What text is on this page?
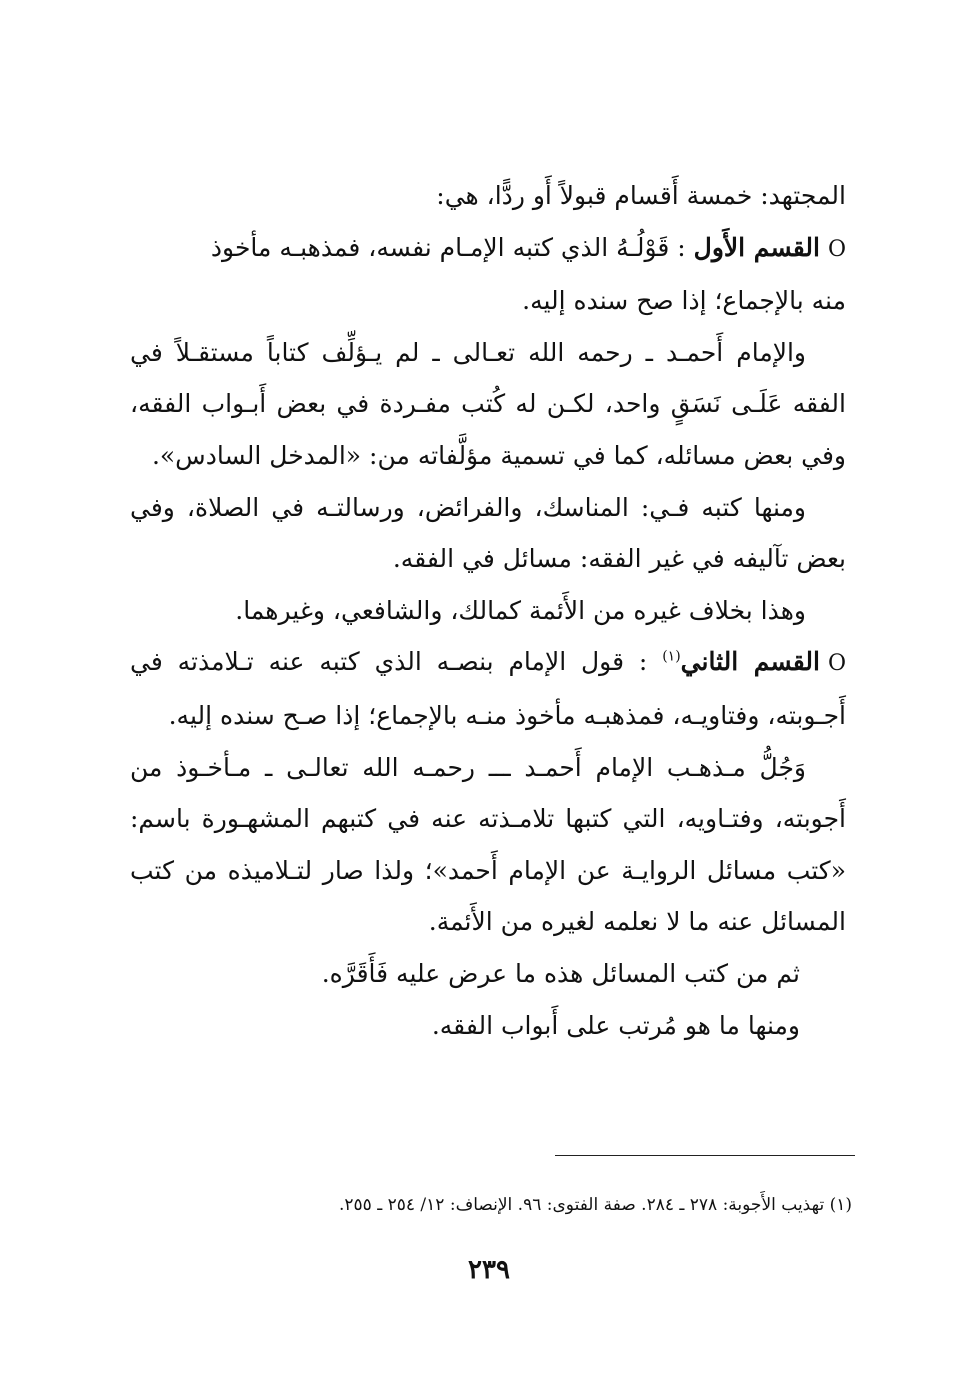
المجتهد: خمسة أَقسام قبولاً أَو ردًّا، هي:

Oالقسم الأَول : قَوْلُـهُ الذي كتبه الإمـام نفسه، فمذهبـه مأخوذ

منه بالإجماع؛ إذا صح سنده إليه.

والإمام أَحمـد ـ رحمه الله تعـالى ـ لم يـؤلِّف كتاباً مستقـلاً في الفقه عَلَـى نَسَقٍ واحد، لكـن له كُتب مفـردة في بعض أَبـواب الفقه، وفي بعض مسائله، كما في تسمية مؤلَّفاته من: «المدخل السادس».

ومنها كتبه فـي: المناسك، والفرائض، ورسالتـه في الصلاة، وفي بعض تآليفه في غير الفقه: مسائل في الفقه.

وهذا بخلاف غيره من الأَئمة كمالك، والشافعي، وغيرهما.

Oالقسم الثاني$^{(١)}$ : قول الإمام بنصـه الذي كتبه عنه تـلامذته في أَجـوبته، وفتاويـه، فمذهبـه مأخوذ منـه بالإجماع؛ إذا صـح سنده إليه.

وَجُلُّ مـذهـب الإمام أَحمـد ـــ رحمـه الله تعالـى ـ مـأخـوذ من أَجوبته، وفتـاويه، التي كتبها تلامـذته عنه في كتبهم المشهـورة باسم: «كتب مسائل الروايـة عن الإمام أَحمد»؛ ولذا صار لتـلاميذه من كتب المسائل عنه ما لا نعلمه لغيره من الأَئمة.

ثم من كتب المسائل هذه ما عرض عليه فَأَقَرَّه.

ومنها ما هو مُرتب على أَبواب الفقه.

(١) تهذيب الأَجوبة: ٢٧٨ ـ ٢٨٤. صفة الفتوى: ٩٦. الإنصاف: ١٢/ ٢٥٤ ـ ٢٥٥.
٢٣٩
